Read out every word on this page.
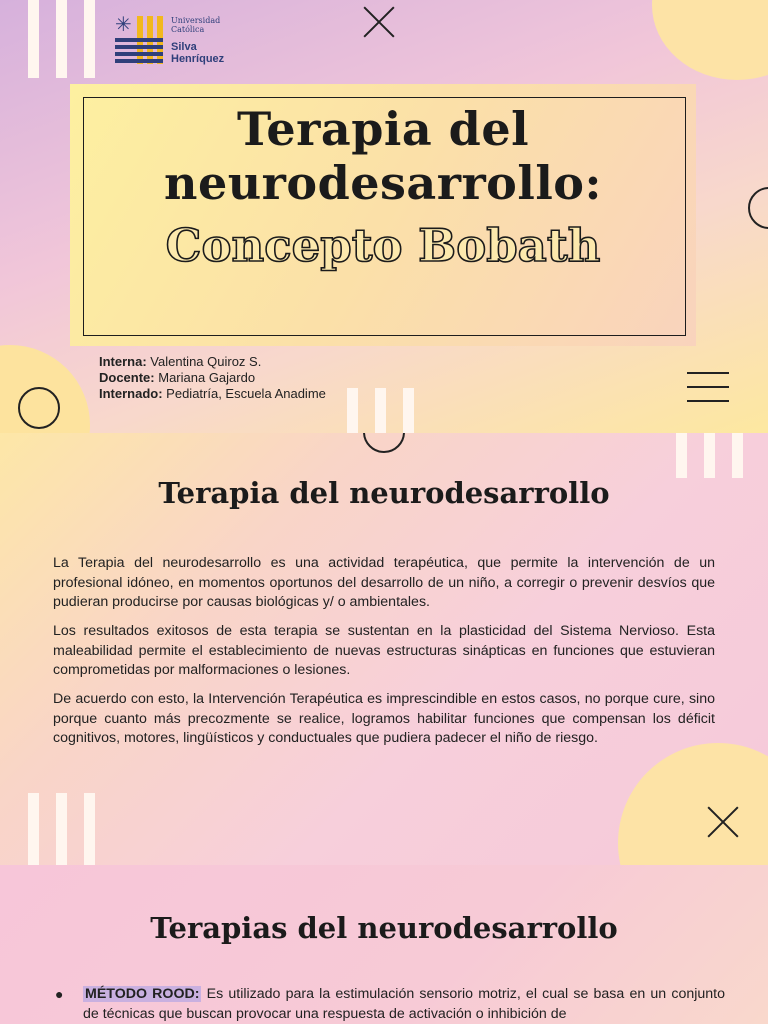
✳	Universidad
Católica
Silva
Henríquez
Terapia del
neurodesarrollo:
Concepto Bobath
Interna: Valentina Quiroz S.
Docente: Mariana Gajardo
Internado: Pediatría, Escuela Anadime
Terapia del neurodesarrollo
La Terapia del neurodesarrollo es una actividad terapéutica, que permite la intervención de un profesional idóneo, en momentos oportunos del desarrollo de un niño, a corregir o prevenir desvíos que pudieran producirse por causas biológicas y/ o ambientales.
Los resultados exitosos de esta terapia se sustentan en la plasticidad del Sistema Nervioso. Esta maleabilidad permite el establecimiento de nuevas estructuras sinápticas en funciones que estuvieran comprometidas por malformaciones o lesiones.
De acuerdo con esto, la Intervención Terapéutica es imprescindible en estos casos, no porque cure, sino porque cuanto más precozmente se realice, logramos habilitar funciones que compensan los déficit cognitivos, motores, lingüísticos y conductuales que pudiera padecer el niño de riesgo.
Terapias del neurodesarrollo
●	MÉTODO ROOD: Es utilizado para la estimulación sensorio motriz, el cual se basa en un conjunto de técnicas que buscan provocar una respuesta de activación o inhibición de
